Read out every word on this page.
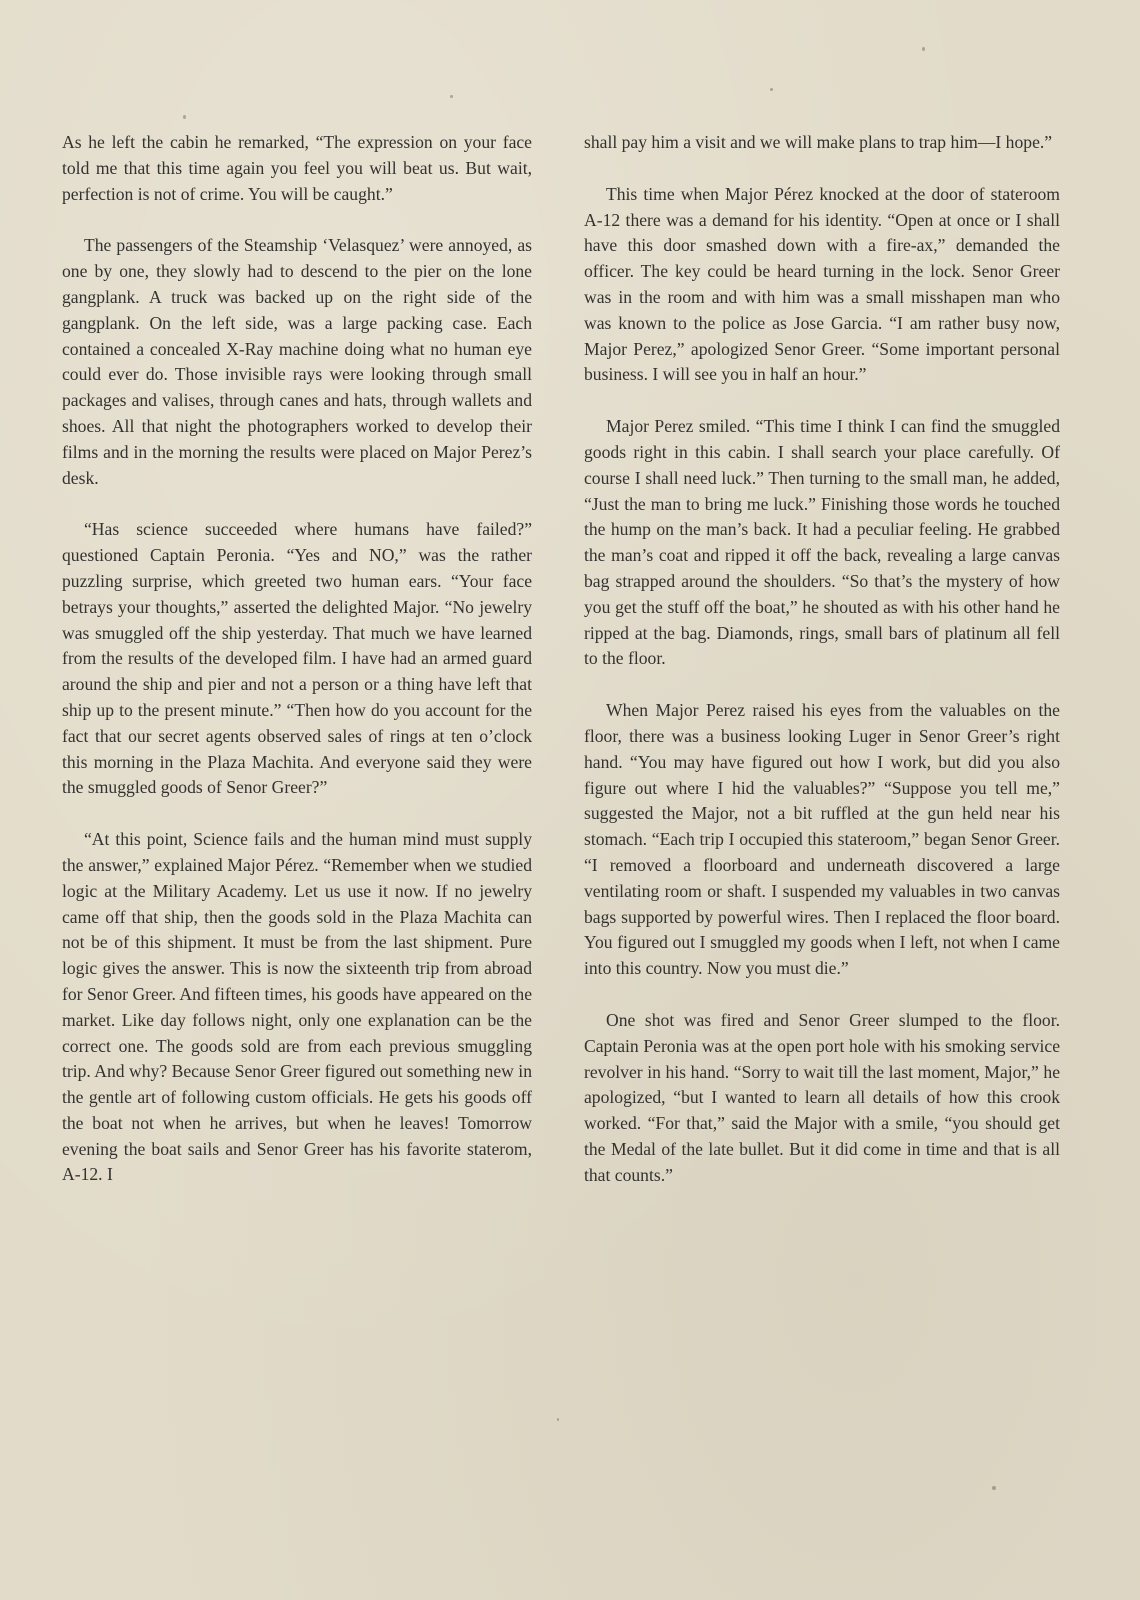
As he left the cabin he remarked, “The expression on your face told me that this time again you feel you will beat us. But wait, perfection is not of crime. You will be caught.”

The passengers of the Steamship ‘Velasquez’ were annoyed, as one by one, they slowly had to descend to the pier on the lone gangplank. A truck was backed up on the right side of the gangplank. On the left side, was a large packing case. Each contained a concealed X-Ray machine doing what no human eye could ever do. Those invisible rays were looking through small packages and valises, through canes and hats, through wallets and shoes. All that night the photographers worked to develop their films and in the morning the results were placed on Major Perez’s desk.

“Has science succeeded where humans have failed?” questioned Captain Peronia. “Yes and NO,” was the rather puzzling surprise, which greeted two human ears. “Your face betrays your thoughts,” asserted the delighted Major. “No jewelry was smuggled off the ship yesterday. That much we have learned from the results of the developed film. I have had an armed guard around the ship and pier and not a person or a thing have left that ship up to the present minute.” “Then how do you account for the fact that our secret agents observed sales of rings at ten o’clock this morning in the Plaza Machita. And everyone said they were the smuggled goods of Senor Greer?”

“At this point, Science fails and the human mind must supply the answer,” explained Major Pérez. “Remember when we studied logic at the Military Academy. Let us use it now. If no jewelry came off that ship, then the goods sold in the Plaza Machita can not be of this shipment. It must be from the last shipment. Pure logic gives the answer. This is now the sixteenth trip from abroad for Senor Greer. And fifteen times, his goods have appeared on the market. Like day follows night, only one explanation can be the correct one. The goods sold are from each previous smuggling trip. And why? Because Senor Greer figured out something new in the gentle art of following custom officials. He gets his goods off the boat not when he arrives, but when he leaves! Tomorrow evening the boat sails and Senor Greer has his favorite staterom, A-12. I

shall pay him a visit and we will make plans to trap him—I hope.”

This time when Major Pérez knocked at the door of stateroom A-12 there was a demand for his identity. “Open at once or I shall have this door smashed down with a fire-ax,” demanded the officer. The key could be heard turning in the lock. Senor Greer was in the room and with him was a small misshapen man who was known to the police as Jose Garcia. “I am rather busy now, Major Perez,” apologized Senor Greer. “Some important personal business. I will see you in half an hour.”

Major Perez smiled. “This time I think I can find the smuggled goods right in this cabin. I shall search your place carefully. Of course I shall need luck.” Then turning to the small man, he added, “Just the man to bring me luck.” Finishing those words he touched the hump on the man’s back. It had a peculiar feeling. He grabbed the man’s coat and ripped it off the back, revealing a large canvas bag strapped around the shoulders. “So that’s the mystery of how you get the stuff off the boat,” he shouted as with his other hand he ripped at the bag. Diamonds, rings, small bars of platinum all fell to the floor.

When Major Perez raised his eyes from the valuables on the floor, there was a business looking Luger in Senor Greer’s right hand. “You may have figured out how I work, but did you also figure out where I hid the valuables?” “Suppose you tell me,” suggested the Major, not a bit ruffled at the gun held near his stomach. “Each trip I occupied this stateroom,” began Senor Greer. “I removed a floorboard and underneath discovered a large ventilating room or shaft. I suspended my valuables in two canvas bags supported by powerful wires. Then I replaced the floor board. You figured out I smuggled my goods when I left, not when I came into this country. Now you must die.”

One shot was fired and Senor Greer slumped to the floor. Captain Peronia was at the open port hole with his smoking service revolver in his hand. “Sorry to wait till the last moment, Major,” he apologized, “but I wanted to learn all details of how this crook worked. “For that,” said the Major with a smile, “you should get the Medal of the late bullet. But it did come in time and that is all that counts.”
